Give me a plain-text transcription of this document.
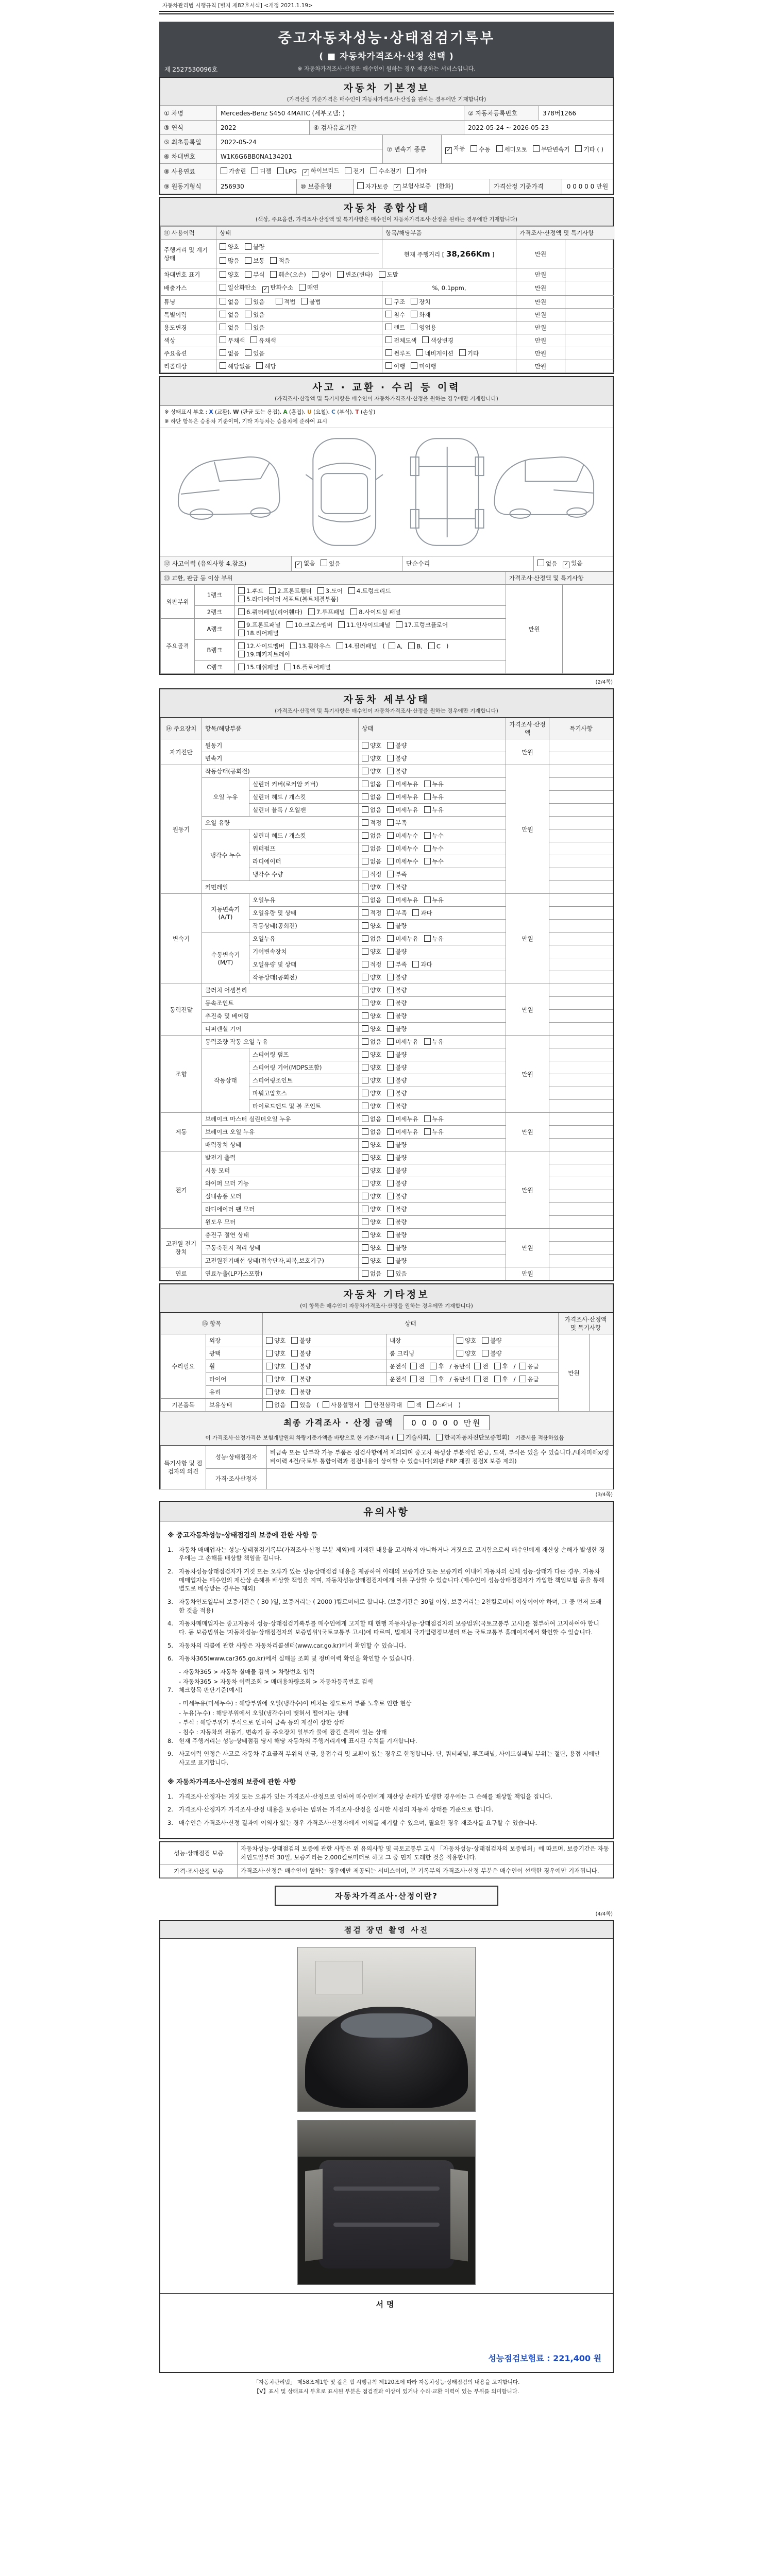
자동차관리법 시행규칙 [별지 제82호서식] <개정 2021.1.19>
중고자동차성능·상태점검기록부
( ■ 자동차가격조사·산정 선택 )
※ 자동차가격조사·산정은 매수인이 원하는 경우 제공하는 서비스입니다.
제 2527530096호
자동차 기본정보
(가격산정 기준가격은 매수인이 자동차가격조사·산정을 원하는 경우에만 기재합니다)
① 차명	Mercedes-Benz S450 4MATIC (세부모델: )	② 자동차등록번호	378버1266
③ 연식	2022	④ 검사유효기간	2022-05-24 ~ 2026-05-23
⑤ 최초등록일	2022-05-24
⑥ 차대번호	W1K6G6BB0NA134201
⑦ 변속기 종류	✓ 자동	수동	세미오토	무단변속기	기타 ( )
⑧ 사용연료	가솔린	디젤	LPG ✓ 하이브리드	전기	수소전기	기타
⑨ 원동기형식	256930	⑩ 보증유형	자가보증 ✓ 보험사보증 [한화]	가격산정 기준가격	0 0 0 0 0 만원
자동차 종합상태
(색상, 주요옵션, 가격조사·산정액 및 특기사항은 매수인이 자동차가격조사·산정을 원하는 경우에만 기재합니다)
⑪ 사용이력	상태	항목/해당부품	가격조사·산정액 및 특기사항	
주행거리 및 계기상태	양호 불량
많음 보통 적음	현재 주행거리 [ 38,266Km ]	만원	
차대번호 표기	양호 부식 훼손(오손) 상이 변조(변타) 도말		만원	
배출가스	일산화탄소 ✓ 탄화수소 매연	%, 0.1ppm,	만원	
튜닝	없음 있음 적법 불법	구조 장치	만원	
특별이력	없음 있음	침수 화재	만원	
용도변경	없음 있음	렌트 영업용	만원	
색상	무채색 유채색	전체도색 색상변경	만원	
주요옵션	없음 있음	썬루프 네비게이션 기타	만원	
리콜대상	해당없음 해당	이행 미이행	만원	
사고 · 교환 · 수리 등 이력
(가격조사·산정액 및 특기사항은 매수인이 자동차가격조사·산정을 원하는 경우에만 기재합니다)
※ 상태표시 부호 : X (교환), W (판금 또는 용접), A (흠집), U (요철), C (부식), T (손상)
※ 하단 항목은 승용차 기준이며, 기타 자동차는 승용차에 준하여 표시
⑫ 사고이력 (유의사항 4.참조)	✓ 없음	있음	단순수리	없음 ✓ 있음
⑬ 교환, 판금 등 이상 부위			가격조사·산정액 및 특기사항	
외판부위	1랭크	1.후드 2.프론트휀더 3.도어 4.트렁크리드
5.라디에이터 서포트(볼트체결부품)	만원	
	2랭크	6.쿼터패널(리어휀다) 7.루프패널 8.사이드실 패널		
주요골격	A랭크	9.프론트패널 10.크로스멤버 11.인사이드패널 17.트렁크플로어
18.리어패널		
	B랭크	12.사이드멤버 13.휠하우스 14.필러패널 ( A, B, C )
19.패키지트레이		
	C랭크	15.대쉬패널 16.플로어패널		
(2/4쪽)
자동차 세부상태
(가격조사·산정액 및 특기사항은 매수인이 자동차가격조사·산정을 원하는 경우에만 기재합니다)
⑭ 주요장치	항목/해당부품		상태	가격조사·산정액	특기사항
자기진단	원동기		양호 불량	만원	
	변속기		양호 불량		
원동기	작동상태(공회전)		양호 불량	만원	
	오일 누유	실린더 커버(로커암 커버)	없음 미세누유 누유		
		실린더 헤드 / 개스킷	없음 미세누유 누유		
		실린더 블록 / 오일팬	없음 미세누유 누유		
	오일 유량		적정 부족		
	냉각수 누수	실린더 헤드 / 개스킷	없음 미세누수 누수		
		워터펌프	없음 미세누수 누수		
		라디에이터	없음 미세누수 누수		
		냉각수 수량	적정 부족		
	커먼레일		양호 불량		
변속기	자동변속기 (A/T)	오일누유	없음 미세누유 누유	만원	
		오일유량 및 상태	적정 부족 과다		
		작동상태(공회전)	양호 불량		
	수동변속기 (M/T)	오일누유	없음 미세누유 누유		
		기어변속장치	양호 불량		
		오일유량 및 상태	적정 부족 과다		
		작동상태(공회전)	양호 불량		
동력전달	클러치 어셈블리		양호 불량	만원	
	등속조인트		양호 불량		
	추진축 및 베어링		양호 불량		
	디퍼렌셜 기어		양호 불량		
조향	동력조향 작동 오일 누유		없음 미세누유 누유	만원	
	작동상태	스티어링 펌프	양호 불량		
		스티어링 기어(MDPS포함)	양호 불량		
		스티어링조인트	양호 불량		
		파워고압호스	양호 불량		
		타이로드엔드 및 볼 조인트	양호 불량		
제동	브레이크 마스터 실린더오일 누유		없음 미세누유 누유	만원	
	브레이크 오일 누유		없음 미세누유 누유		
	배력장치 상태		양호 불량		
전기	발전기 출력		양호 불량	만원	
	시동 모터		양호 불량		
	와이퍼 모터 기능		양호 불량		
	실내송풍 모터		양호 불량		
	라디에이터 팬 모터		양호 불량		
	윈도우 모터		양호 불량		
고전원 전기장치	충전구 절연 상태		양호 불량	만원	
	구동축전지 격리 상태		양호 불량		
	고전원전기배선 상태(접속단자,피복,보호기구)		양호 불량		
연료	연료누출(LP가스포함)		없음 있음	만원	
자동차 기타정보
(이 항목은 매수인이 자동차가격조사·산정을 원하는 경우에만 기재합니다)
⑮ 항목		상태			가격조사·산정액 및 특기사항	
수리필요	외장	양호 불량	내장	양호 불량	만원	
	광택	양호 불량	룸 크리닝	양호 불량		
	휠	양호 불량	운전석 전 후 / 동반석 전 후 / 응급			
	타이어	양호 불량	운전석 전 후 / 동반석 전 후 / 응급			
	유리	양호 불량				
기본품목	보유상태	없음 있음 ( 사용설명서 안전삼각대 잭 스패너 )				
최종 가격조사 · 산정 금액 0 0 0 0 0 만원
이 가격조사·산정가격은 보험개발원의 차량기준가액을 바탕으로 한 기준가격과 ( 기술사회, 한국자동차진단보증협회) 기준서를 적용하였음
특기사항 및 점검자의 의견	성능·상태점검자	비금속 또는 탈부착 가능 부품은 점검사항에서 제외되며 중고차 특성상 부분적인 판금, 도색, 부식은 있을 수 있습니다./내차피해x/정비이력 4건/국토부 통합이력과 점검내용이 상이할 수 있습니다(외판 FRP 재질 점검X 보증 제외)
	가격·조사산정자	
(3/4쪽)
유의사항
※ 중고자동차성능·상태점검의 보증에 관한 사항 등
1. 자동차 매매업자는 성능·상태점검기록부(가격조사·산정 부분 제외)에 기재된 내용을 고지하지 아니하거나 거짓으로 고지함으로써 매수인에게 재산상 손해가 발생한 경우에는 그 손해를 배상할 책임을 집니다.
2. 자동차성능상태점검자가 거짓 또는 오류가 있는 성능상태점검 내용을 제공하여 아래의 보증기간 또는 보증거리 이내에 자동차의 실제 성능·상태가 다른 경우, 자동차매매업자는 매수인의 재산상 손해를 배상할 책임을 지며, 자동차성능상태점검자에게 이를 구상할 수 있습니다.(매수인이 성능상태점검자가 가입한 책임보험 등을 통해 별도로 배상받는 경우는 제외)
3. 자동차인도일부터 보증기간은 ( 30 )일, 보증거리는 ( 2000 )킬로미터로 합니다. (보증기간은 30일 이상, 보증거리는 2천킬로미터 이상이어야 하며, 그 중 먼저 도래한 것을 적용)
4. 자동차매매업자는 중고자동차 성능·상태점검기록부를 매수인에게 고지할 때 현행 자동차성능·상태점검자의 보증범위(국토교통부 고시)를 첨부하여 고지하여야 합니다. 동 보증범위는 '자동차성능·상태점검자의 보증범위'(국토교통부 고시)에 따르며, 법제처 국가법령정보센터 또는 국토교통부 홈페이지에서 확인할 수 있습니다.
5. 자동차의 리콜에 관한 사항은 자동차리콜센터(www.car.go.kr)에서 확인할 수 있습니다.
6. 자동차365(www.car365.go.kr)에서 실매물 조회 및 정비이력 확인을 확인할 수 있습니다.
- 자동차365 > 자동차 실매물 검색 > 차량번호 입력
- 자동차365 > 자동차 이력조회 > 매매용차량조회 > 자동차등록번호 검색
7. 체크항목 판단기준(예시)
- 미세누유(미세누수) : 해당부위에 오일(냉각수)이 비치는 정도로서 부품 노후로 인한 현상
- 누유(누수) : 해당부위에서 오일(냉각수)이 맺혀서 떨어지는 상태
- 부식 : 해당부위가 부식으로 인하여 금속 등의 재질이 상한 상태
- 침수 : 자동차의 원동기, 변속기 등 주요장치 일부가 물에 잠긴 흔적이 있는 상태
8. 현재 주행거리는 성능·상태점검 당시 해당 자동차의 주행거리계에 표시된 수치를 기재합니다.
9. 사고이력 인정은 사고로 자동차 주요골격 부위의 판금, 용접수리 및 교환이 있는 경우로 한정합니다. 단, 쿼터패널, 루프패널, 사이드실패널 부위는 절단, 용접 시에만 사고로 표기합니다.
※ 자동차가격조사·산정의 보증에 관한 사항
1. 가격조사·산정자는 거짓 또는 오류가 있는 가격조사·산정으로 인하여 매수인에게 재산상 손해가 발생한 경우에는 그 손해를 배상할 책임을 집니다.
2. 가격조사·산정자가 가격조사·산정 내용을 보증하는 범위는 가격조사·산정을 실시한 시점의 자동차 상태를 기준으로 합니다.
3. 매수인은 가격조사·산정 결과에 이의가 있는 경우 가격조사·산정자에게 이의를 제기할 수 있으며, 필요한 경우 재조사를 요구할 수 있습니다.
성능·상태점검 보증	자동차성능·상태점검의 보증에 관한 사항은 위 유의사항 및 국토교통부 고시 「자동차성능·상태점검자의 보증범위」에 따르며, 보증기간은 자동차인도일부터 30일, 보증거리는 2,000킬로미터로 하고 그 중 먼저 도래한 것을 적용합니다.
가격·조사산정 보증	가격조사·산정은 매수인이 원하는 경우에만 제공되는 서비스이며, 본 기록부의 가격조사·산정 부분은 매수인이 선택한 경우에만 기재됩니다.
자동차가격조사·산정이란?
(4/4쪽)
점검 장면 촬영 사진
서명
성능점검보험료 : 221,400 원
「자동차관리법」 제58조제1항 및 같은 법 시행규칙 제120조에 따라 자동차성능·상태점검의 내용을 고지합니다.
【Ⅴ】표시 및 상태표시 부호로 표시된 부분은 점검결과 이상이 있거나 수리·교환 이력이 있는 부위를 의미합니다.
